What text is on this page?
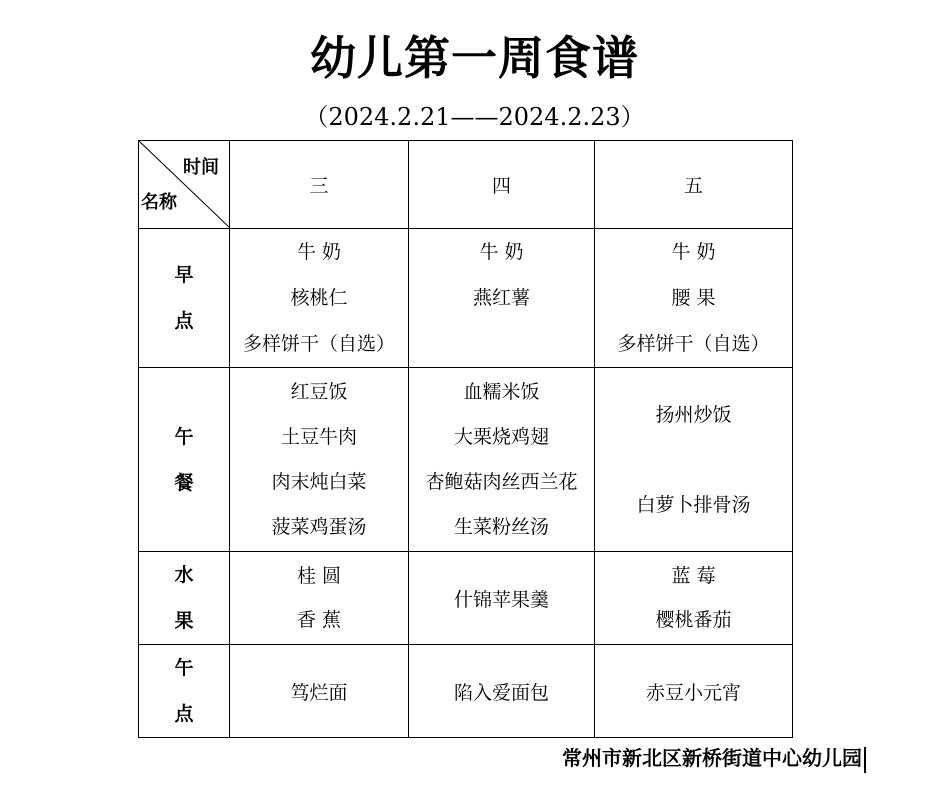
幼儿第一周食谱
（2024.2.21——2024.2.23）
时间
名称	三	四	五

早
点	牛 奶
核桃仁
多样饼干（自选）	牛 奶
燕红薯	牛 奶
腰 果
多样饼干（自选）

午
餐	红豆饭
土豆牛肉
肉末炖白菜
菠菜鸡蛋汤	血糯米饭
大栗烧鸡翅
杏鲍菇肉丝西兰花
生菜粉丝汤	扬州炒饭
白萝卜排骨汤

水
果	桂 圆
香 蕉	什锦苹果羹	蓝 莓
樱桃番茄

午
点	笃烂面	陷入爱面包	赤豆小元宵
常州市新北区新桥街道中心幼儿园
